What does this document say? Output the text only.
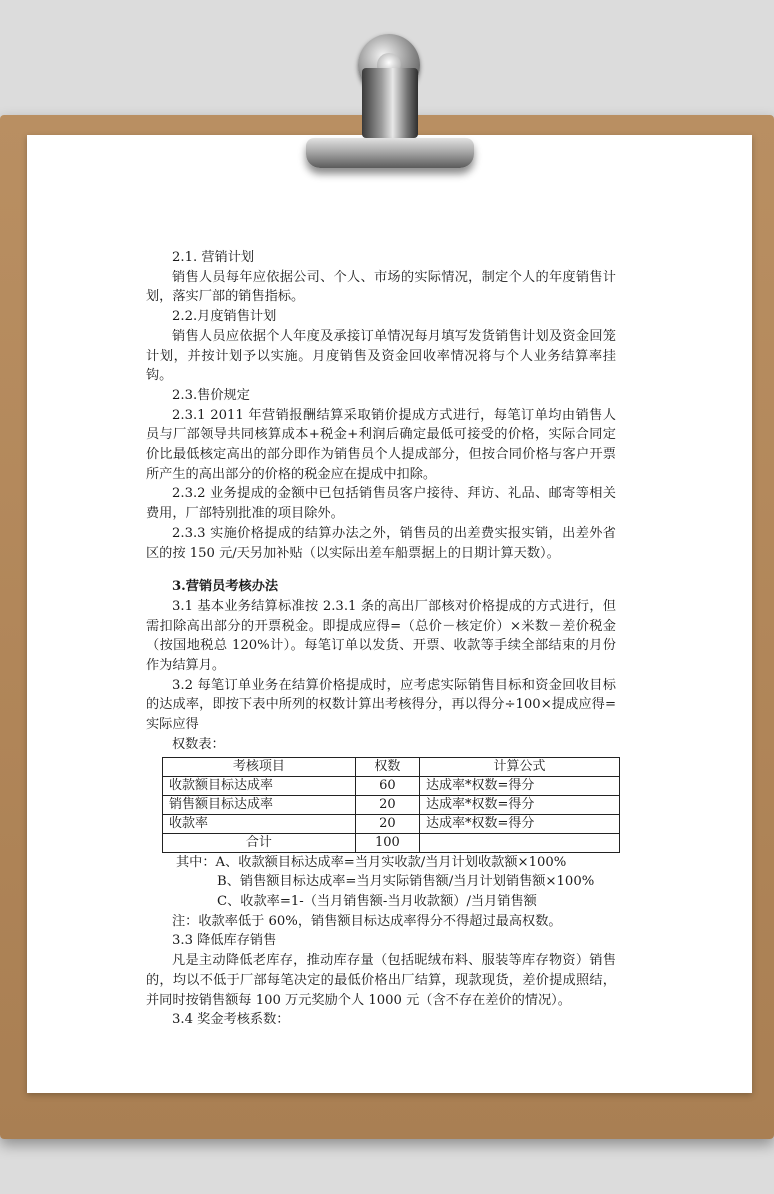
2.1. 营销计划

销售人员每年应依据公司、个人、市场的实际情况，制定个人的年度销售计划，落实厂部的销售指标。

2.2.月度销售计划

销售人员应依据个人年度及承接订单情况每月填写发货销售计划及资金回笼计划，并按计划予以实施。月度销售及资金回收率情况将与个人业务结算率挂钩。

2.3.售价规定

2.3.1 2011 年营销报酬结算采取销价提成方式进行，每笔订单均由销售人员与厂部领导共同核算成本+税金+利润后确定最低可接受的价格，实际合同定价比最低核定高出的部分即作为销售员个人提成部分，但按合同价格与客户开票所产生的高出部分的价格的税金应在提成中扣除。

2.3.2 业务提成的金额中已包括销售员客户接待、拜访、礼品、邮寄等相关费用，厂部特别批准的项目除外。

2.3.3 实施价格提成的结算办法之外，销售员的出差费实报实销，出差外省区的按 150 元/天另加补贴（以实际出差车船票据上的日期计算天数）。

3.营销员考核办法

3.1 基本业务结算标准按 2.3.1 条的高出厂部核对价格提成的方式进行，但需扣除高出部分的开票税金。即提成应得=（总价－核定价）×米数－差价税金（按国地税总 120%计）。每笔订单以发货、开票、收款等手续全部结束的月份作为结算月。

3.2 每笔订单业务在结算价格提成时，应考虑实际销售目标和资金回收目标的达成率，即按下表中所列的权数计算出考核得分，再以得分÷100×提成应得=实际应得

权数表：

考核项目	权数	计算公式
收款额目标达成率	60	达成率*权数=得分
销售额目标达成率	20	达成率*权数=得分
收款率	20	达成率*权数=得分
合计	100	

其中：A、收款额目标达成率=当月实收款/当月计划收款额×100%

B、销售额目标达成率=当月实际销售额/当月计划销售额×100%

C、收款率=1-（当月销售额-当月收款额）/当月销售额

注：收款率低于 60%，销售额目标达成率得分不得超过最高权数。

3.3 降低库存销售

凡是主动降低老库存，推动库存量（包括昵绒布料、服装等库存物资）销售的，均以不低于厂部每笔决定的最低价格出厂结算，现款现货，差价提成照结，并同时按销售额每 100 万元奖励个人 1000 元（含不存在差价的情况）。

3.4 奖金考核系数：
